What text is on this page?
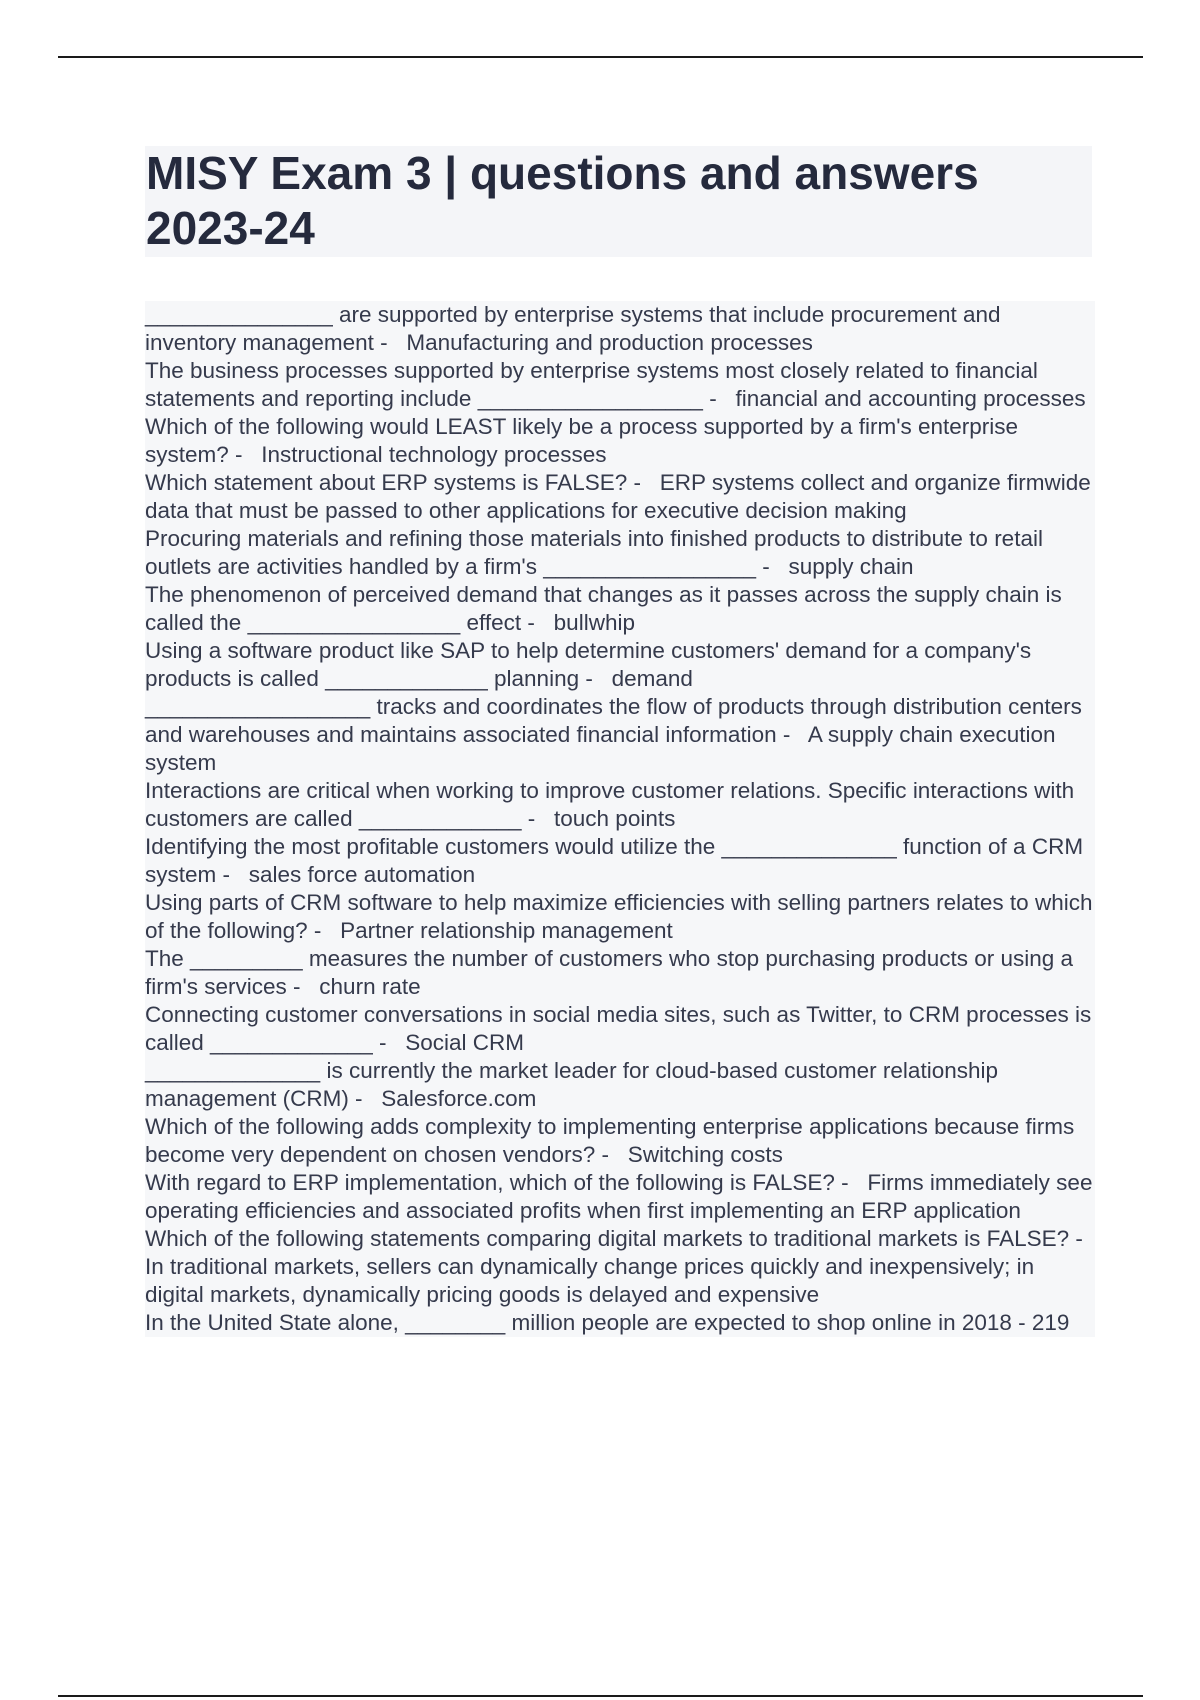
MISY Exam 3 | questions and answers 2023-24
_______________ are supported by enterprise systems that include procurement and inventory management -   Manufacturing and production processes
The business processes supported by enterprise systems most closely related to financial statements and reporting include __________________ -   financial and accounting processes
Which of the following would LEAST likely be a process supported by a firm's enterprise system? -   Instructional technology processes
Which statement about ERP systems is FALSE? -   ERP systems collect and organize firmwide data that must be passed to other applications for executive decision making
Procuring materials and refining those materials into finished products to distribute to retail outlets are activities handled by a firm's _________________ -   supply chain
The phenomenon of perceived demand that changes as it passes across the supply chain is called the _________________ effect -   bullwhip
Using a software product like SAP to help determine customers' demand for a company's products is called _____________ planning -   demand
__________________ tracks and coordinates the flow of products through distribution centers and warehouses and maintains associated financial information -   A supply chain execution system
Interactions are critical when working to improve customer relations. Specific interactions with customers are called _____________ -   touch points
Identifying the most profitable customers would utilize the ______________ function of a CRM system -   sales force automation
Using parts of CRM software to help maximize efficiencies with selling partners relates to which of the following? -   Partner relationship management
The _________ measures the number of customers who stop purchasing products or using a firm's services -   churn rate
Connecting customer conversations in social media sites, such as Twitter, to CRM processes is called _____________ -   Social CRM
______________ is currently the market leader for cloud-based customer relationship management (CRM) -   Salesforce.com
Which of the following adds complexity to implementing enterprise applications because firms become very dependent on chosen vendors? -   Switching costs
With regard to ERP implementation, which of the following is FALSE? -   Firms immediately see operating efficiencies and associated profits when first implementing an ERP application
Which of the following statements comparing digital markets to traditional markets is FALSE? -   In traditional markets, sellers can dynamically change prices quickly and inexpensively; in digital markets, dynamically pricing goods is delayed and expensive
In the United State alone, ________ million people are expected to shop online in 2018 - 219
